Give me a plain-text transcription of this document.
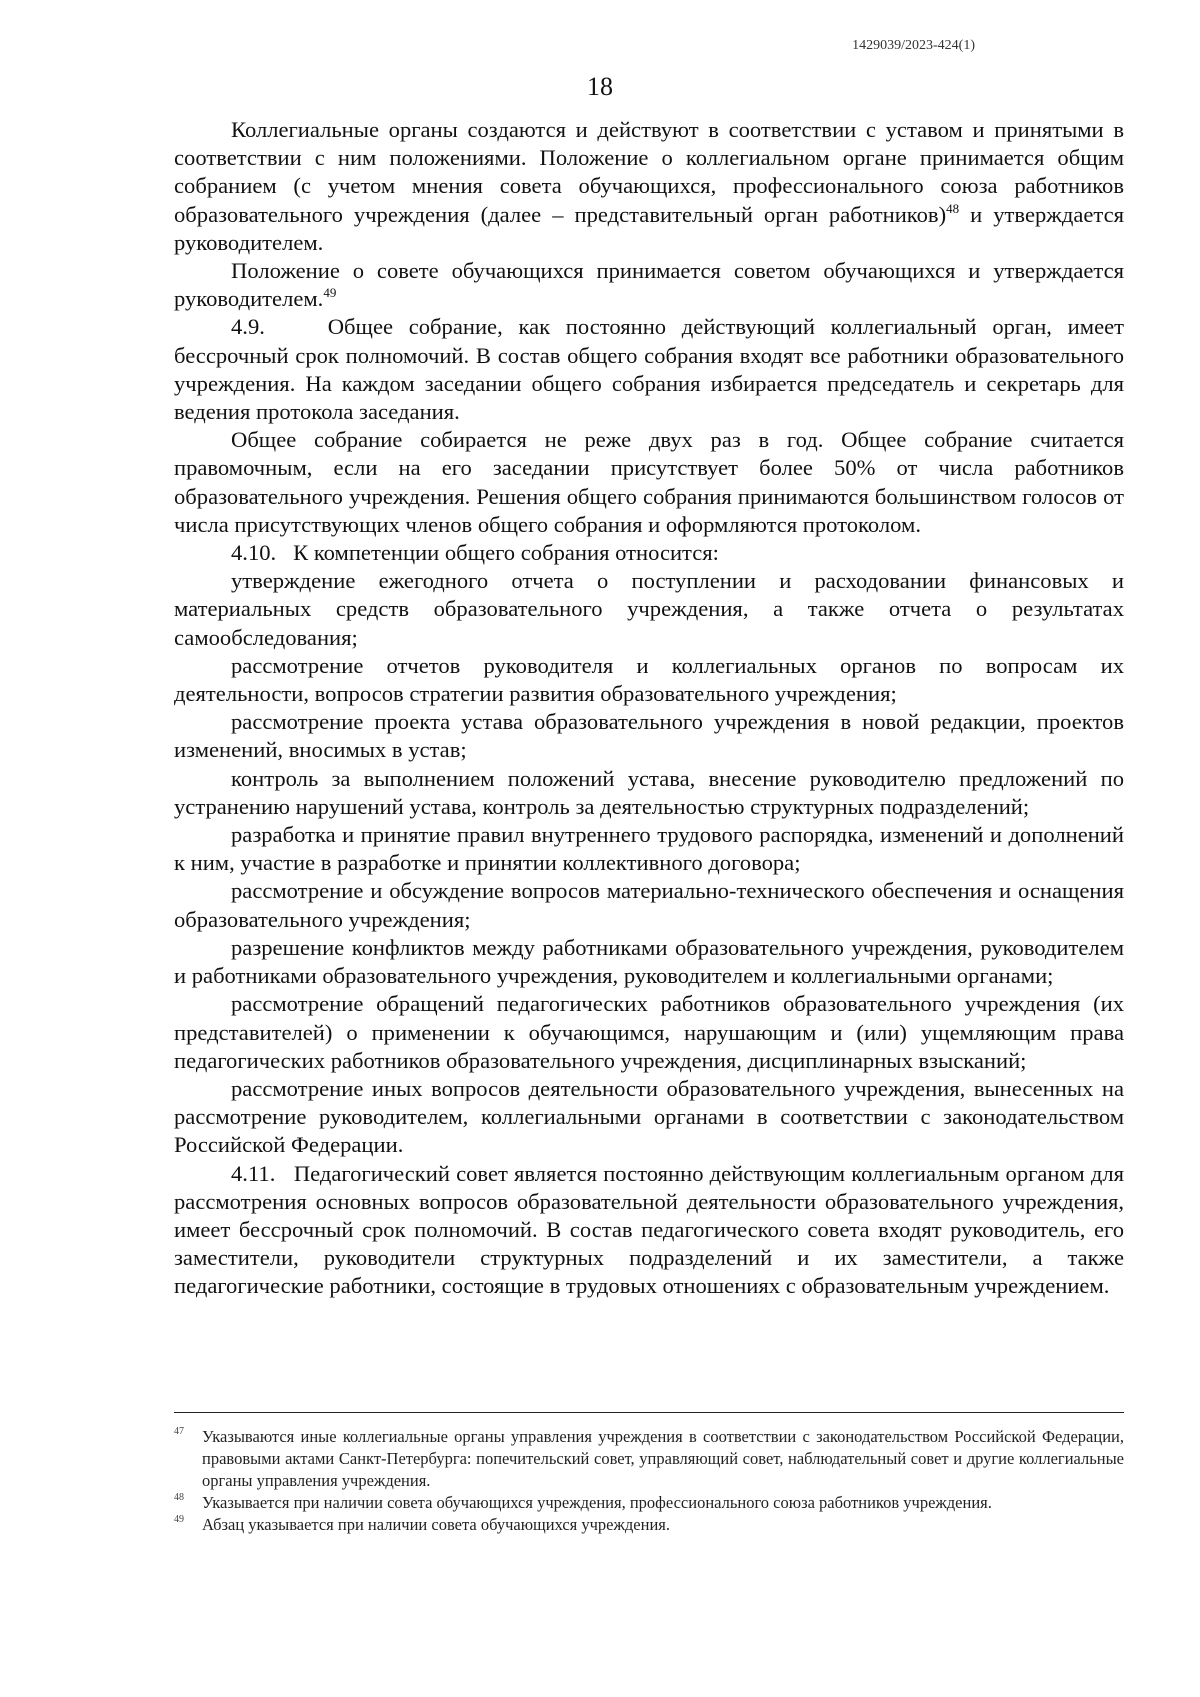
1429039/2023-424(1)
18

Коллегиальные органы создаются и действуют в соответствии с уставом и принятыми в соответствии с ним положениями. Положение о коллегиальном органе принимается общим собранием (с учетом мнения совета обучающихся, профессионального союза работников образовательного учреждения (далее – представительный орган работников)$^{48}$ и утверждается руководителем.

Положение о совете обучающихся принимается советом обучающихся и утверждается руководителем.$^{49}$

4.9.    Общее собрание, как постоянно действующий коллегиальный орган, имеет бессрочный срок полномочий. В состав общего собрания входят все работники образовательного учреждения. На каждом заседании общего собрания избирается председатель и секретарь для ведения протокола заседания.

Общее собрание собирается не реже двух раз в год. Общее собрание считается правомочным, если на его заседании присутствует более 50% от числа работников образовательного учреждения. Решения общего собрания принимаются большинством голосов от числа присутствующих членов общего собрания и оформляются протоколом.

4.10.   К компетенции общего собрания относится:

утверждение ежегодного отчета о поступлении и расходовании финансовых и материальных средств образовательного учреждения, а также отчета о результатах самообследования;

рассмотрение отчетов руководителя и коллегиальных органов по вопросам их деятельности, вопросов стратегии развития образовательного учреждения;

рассмотрение проекта устава образовательного учреждения в новой редакции, проектов изменений, вносимых в устав;

контроль за выполнением положений устава, внесение руководителю предложений по устранению нарушений устава, контроль за деятельностью структурных подразделений;

разработка и принятие правил внутреннего трудового распорядка, изменений и дополнений к ним, участие в разработке и принятии коллективного договора;

рассмотрение и обсуждение вопросов материально-технического обеспечения и оснащения образовательного учреждения;

разрешение конфликтов между работниками образовательного учреждения, руководителем и работниками образовательного учреждения, руководителем и коллегиальными органами;

рассмотрение обращений педагогических работников образовательного учреждения (их представителей) о применении к обучающимся, нарушающим и (или) ущемляющим права педагогических работников образовательного учреждения, дисциплинарных взысканий;

рассмотрение иных вопросов деятельности образовательного учреждения, вынесенных на рассмотрение руководителем, коллегиальными органами в соответствии с законодательством Российской Федерации.

4.11.   Педагогический совет является постоянно действующим коллегиальным органом для рассмотрения основных вопросов образовательной деятельности образовательного учреждения, имеет бессрочный срок полномочий. В состав педагогического совета входят руководитель, его заместители, руководители структурных подразделений и их заместители, а также педагогические работники, состоящие в трудовых отношениях с образовательным учреждением.

47 Указываются иные коллегиальные органы управления учреждения в соответствии с законодательством Российской Федерации, правовыми актами Санкт-Петербурга: попечительский совет, управляющий совет, наблюдательный совет и другие коллегиальные органы управления учреждения.
48 Указывается при наличии совета обучающихся учреждения, профессионального союза работников учреждения.
49 Абзац указывается при наличии совета обучающихся учреждения.
